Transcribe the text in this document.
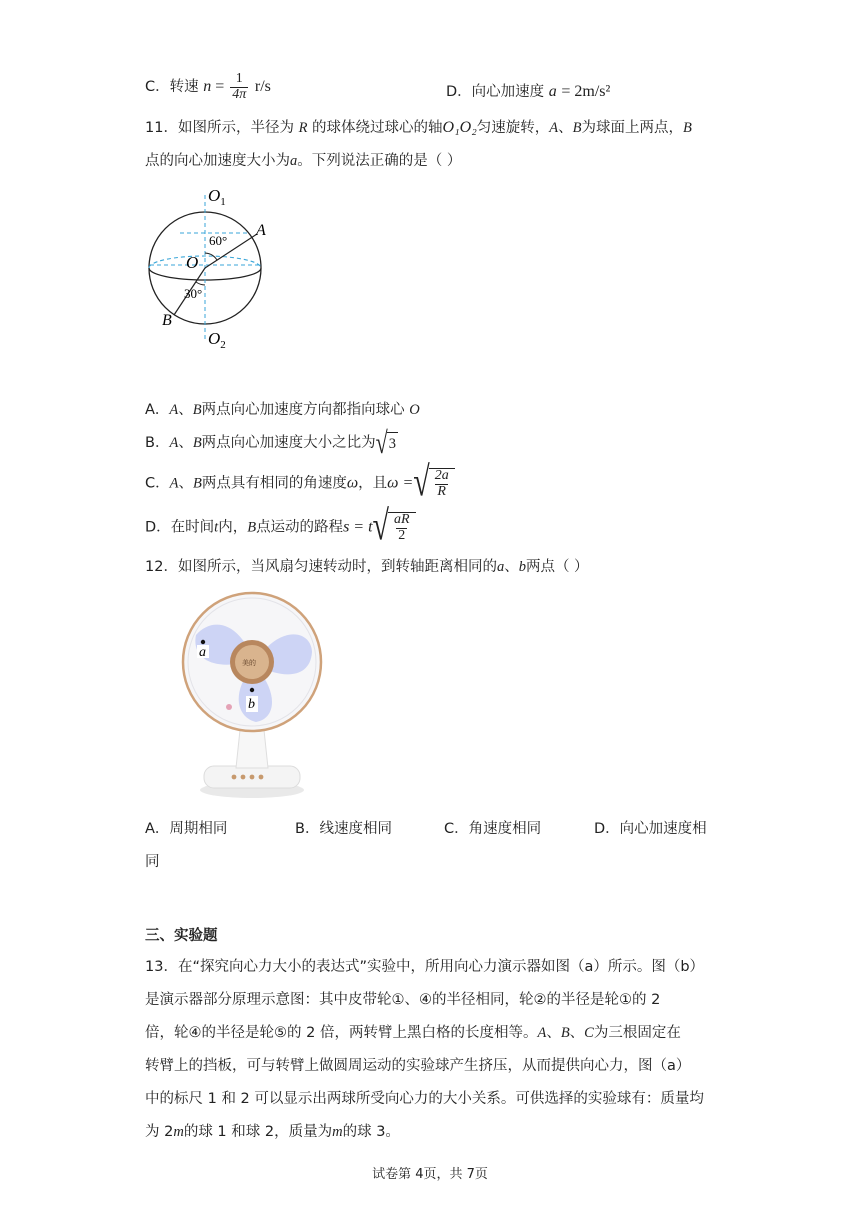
C．转速 $n = \frac{1}{4\pi} r/s$	D．向心加速度 a = 2m/s²
11．如图所示，半径为 R 的球体绕过球心的轴O₁O₂匀速旋转，A、B为球面上两点，B
点的向心加速度大小为a。下列说法正确的是（ ）
$O_1$
$O_2$
O
A
B
60°
30°
A．A、B两点向心加速度方向都指向球心 O
B．A、B两点向心加速度大小之比为 √ 3
C．A、B两点具有相同的角速度ω，且ω = √ $\frac{2a}{R}$
D．在时间t内，B点运动的路程s = t √ $\frac{aR}{2}$
12．如图所示，当风扇匀速转动时，到转轴距离相同的a、b两点（ ）
美的
a
b
A．周期相同	B．线速度相同	C．角速度相同	D．向心加速度相
同
三、实验题
13．在“探究向心力大小的表达式”实验中，所用向心力演示器如图（a）所示。图（b）
是演示器部分原理示意图：其中皮带轮①、④的半径相同，轮②的半径是轮①的 2
倍，轮④的半径是轮⑤的 2 倍，两转臂上黑白格的长度相等。A、B、C为三根固定在
转臂上的挡板，可与转臂上做圆周运动的实验球产生挤压，从而提供向心力，图（a）
中的标尺 1 和 2 可以显示出两球所受向心力的大小关系。可供选择的实验球有：质量均
为 2m的球 1 和球 2，质量为m的球 3。
试卷第 4页，共 7页
